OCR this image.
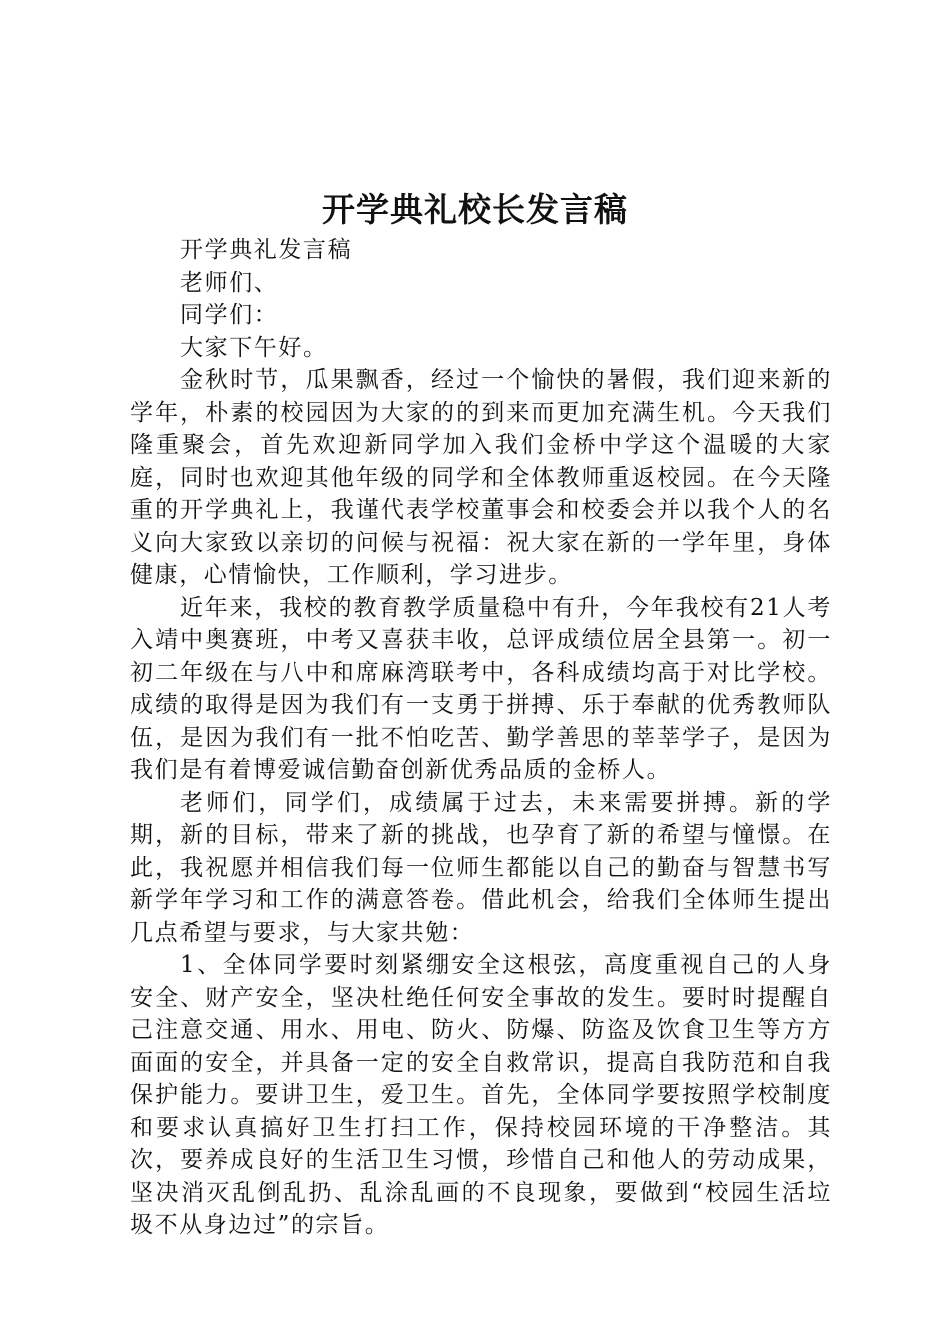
开学典礼校长发言稿

开学典礼发言稿

老师们、

同学们：

大家下午好。

金秋时节，瓜果飘香，经过一个愉快的暑假，我们迎来新的学年，朴素的校园因为大家的的到来而更加充满生机。今天我们隆重聚会，首先欢迎新同学加入我们金桥中学这个温暖的大家庭，同时也欢迎其他年级的同学和全体教师重返校园。在今天隆重的开学典礼上，我谨代表学校董事会和校委会并以我个人的名义向大家致以亲切的问候与祝福：祝大家在新的一学年里，身体健康，心情愉快，工作顺利，学习进步。

近年来，我校的教育教学质量稳中有升，今年我校有21人考入靖中奥赛班，中考又喜获丰收，总评成绩位居全县第一。初一初二年级在与八中和席麻湾联考中，各科成绩均高于对比学校。成绩的取得是因为我们有一支勇于拼搏、乐于奉献的优秀教师队伍，是因为我们有一批不怕吃苦、勤学善思的莘莘学子，是因为我们是有着博爱诚信勤奋创新优秀品质的金桥人。

老师们，同学们，成绩属于过去，未来需要拼搏。新的学期，新的目标，带来了新的挑战，也孕育了新的希望与憧憬。在此，我祝愿并相信我们每一位师生都能以自己的勤奋与智慧书写新学年学习和工作的满意答卷。借此机会，给我们全体师生提出几点希望与要求，与大家共勉：

1、全体同学要时刻紧绷安全这根弦，高度重视自己的人身安全、财产安全，坚决杜绝任何安全事故的发生。要时时提醒自己注意交通、用水、用电、防火、防爆、防盗及饮食卫生等方方面面的安全，并具备一定的安全自救常识，提高自我防范和自我保护能力。要讲卫生，爱卫生。首先，全体同学要按照学校制度和要求认真搞好卫生打扫工作，保持校园环境的干净整洁。其次，要养成良好的生活卫生习惯，珍惜自己和他人的劳动成果，坚决消灭乱倒乱扔、乱涂乱画的不良现象，要做到“校园生活垃圾不从身边过”的宗旨。
